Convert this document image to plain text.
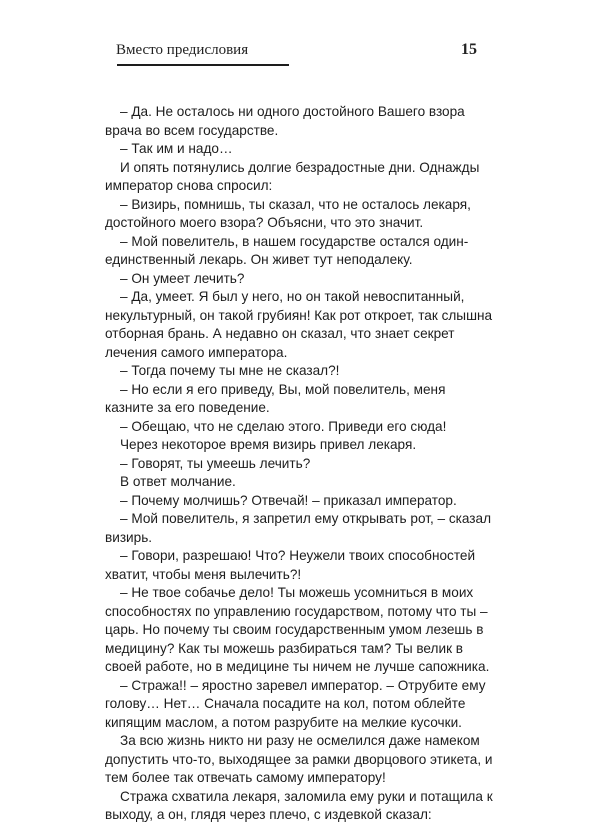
Вместо предисловия	15

– Да. Не осталось ни одного достойного Вашего взора врача во всем государстве.

– Так им и надо…

И опять потянулись долгие безрадостные дни. Однажды император снова спросил:

– Визирь, помнишь, ты сказал, что не осталось лекаря, достойного моего взора? Объясни, что это значит.

– Мой повелитель, в нашем государстве остался один-единственный лекарь. Он живет тут неподалеку.

– Он умеет лечить?

– Да, умеет. Я был у него, но он такой невоспитанный, некультурный, он такой грубиян! Как рот откроет, так слышна отборная брань. А недавно он сказал, что знает секрет лечения самого императора.

– Тогда почему ты мне не сказал?!

– Но если я его приведу, Вы, мой повелитель, меня казните за его поведение.

– Обещаю, что не сделаю этого. Приведи его сюда!

Через некоторое время визирь привел лекаря.

– Говорят, ты умеешь лечить?

В ответ молчание.

– Почему молчишь? Отвечай! – приказал император.

– Мой повелитель, я запретил ему открывать рот, – сказал визирь.

– Говори, разрешаю! Что? Неужели твоих способностей хватит, чтобы меня вылечить?!

– Не твое собачье дело! Ты можешь усомниться в моих способностях по управлению государством, потому что ты – царь. Но почему ты своим государственным умом лезешь в медицину? Как ты можешь разбираться там? Ты велик в своей работе, но в медицине ты ничем не лучше сапожника.

– Стража!! – яростно заревел император. – Отрубите ему голову… Нет… Сначала посадите на кол, потом облейте кипящим маслом, а потом разрубите на мелкие кусочки.

За всю жизнь никто ни разу не осмелился даже намеком допустить что-то, выходящее за рамки дворцового этикета, и тем более так отвечать самому императору!

Стража схватила лекаря, заломила ему руки и потащила к выходу, а он, глядя через плечо, с издевкой сказал:
